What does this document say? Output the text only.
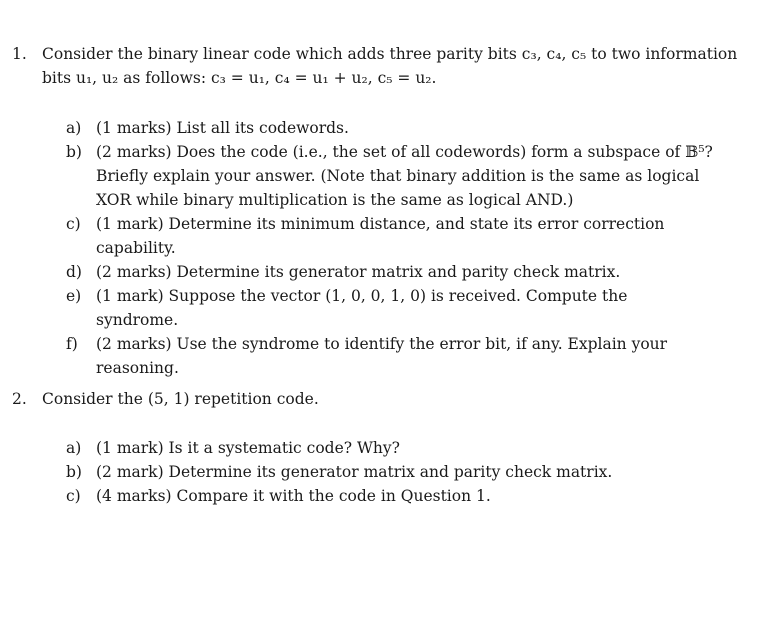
1. Consider the binary linear code which adds three parity bits c₃, c₄, c₅ to two information
bits u₁, u₂ as follows: c₃ = u₁, c₄ = u₁ + u₂, c₅ = u₂.
a) (1 marks) List all its codewords.
b) (2 marks) Does the code (i.e., the set of all codewords) form a subspace of 𝔹⁵? Briefly explain your answer. (Note that binary addition is the same as logical XOR while binary multiplication is the same as logical AND.)
c) (1 mark) Determine its minimum distance, and state its error correction capability.
d) (2 marks) Determine its generator matrix and parity check matrix.
e) (1 mark) Suppose the vector (1, 0, 0, 1, 0) is received. Compute the syndrome.
f) (2 marks) Use the syndrome to identify the error bit, if any. Explain your reasoning.
2. Consider the (5, 1) repetition code.
a) (1 mark) Is it a systematic code? Why?
b) (2 mark) Determine its generator matrix and parity check matrix.
c) (4 marks) Compare it with the code in Question 1.
